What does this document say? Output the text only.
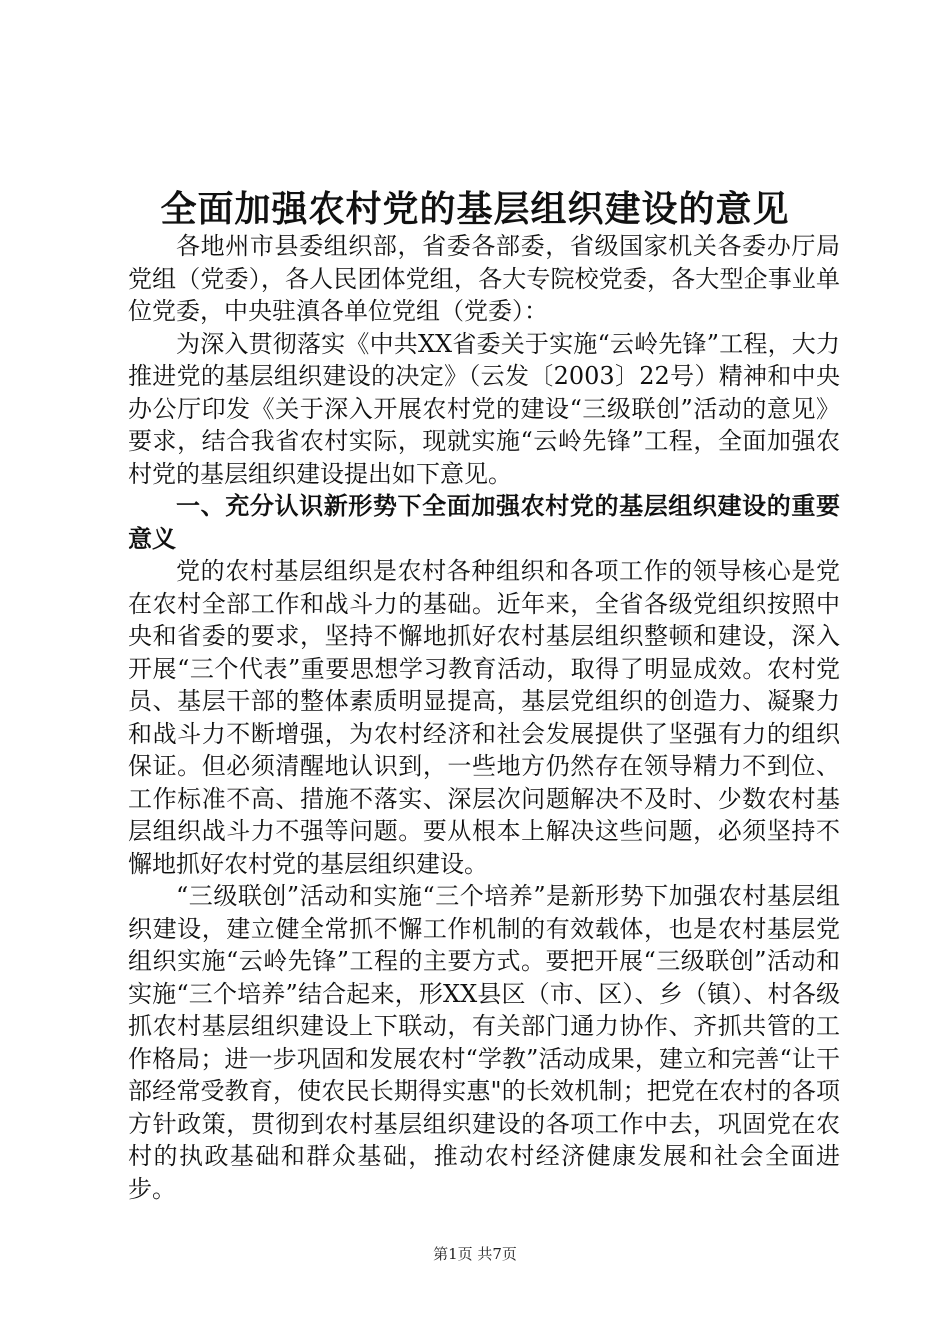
全面加强农村党的基层组织建设的意见

各地州市县委组织部，省委各部委，省级国家机关各委办厅局党组（党委），各人民团体党组，各大专院校党委，各大型企事业单位党委，中央驻滇各单位党组（党委）：

为深入贯彻落实《中共XX省委关于实施“云岭先锋”工程，大力推进党的基层组织建设的决定》（云发〔2003〕22号）精神和中央办公厅印发《关于深入开展农村党的建设“三级联创”活动的意见》要求，结合我省农村实际，现就实施“云岭先锋”工程，全面加强农村党的基层组织建设提出如下意见。

一、充分认识新形势下全面加强农村党的基层组织建设的重要意义

党的农村基层组织是农村各种组织和各项工作的领导核心是党在农村全部工作和战斗力的基础。近年来，全省各级党组织按照中央和省委的要求，坚持不懈地抓好农村基层组织整顿和建设，深入开展“三个代表”重要思想学习教育活动，取得了明显成效。农村党员、基层干部的整体素质明显提高，基层党组织的创造力、凝聚力和战斗力不断增强，为农村经济和社会发展提供了坚强有力的组织保证。但必须清醒地认识到，一些地方仍然存在领导精力不到位、工作标准不高、措施不落实、深层次问题解决不及时、少数农村基层组织战斗力不强等问题。要从根本上解决这些问题，必须坚持不懈地抓好农村党的基层组织建设。

“三级联创”活动和实施“三个培养”是新形势下加强农村基层组织建设，建立健全常抓不懈工作机制的有效载体，也是农村基层党组织实施“云岭先锋”工程的主要方式。要把开展“三级联创”活动和实施“三个培养”结合起来，形XX县区（市、区）、乡（镇）、村各级抓农村基层组织建设上下联动，有关部门通力协作、齐抓共管的工作格局；进一步巩固和发展农村“学教”活动成果，建立和完善“让干部经常受教育，使农民长期得实惠"的长效机制；把党在农村的各项方针政策，贯彻到农村基层组织建设的各项工作中去，巩固党在农村的执政基础和群众基础，推动农村经济健康发展和社会全面进步。

第1页 共7页
